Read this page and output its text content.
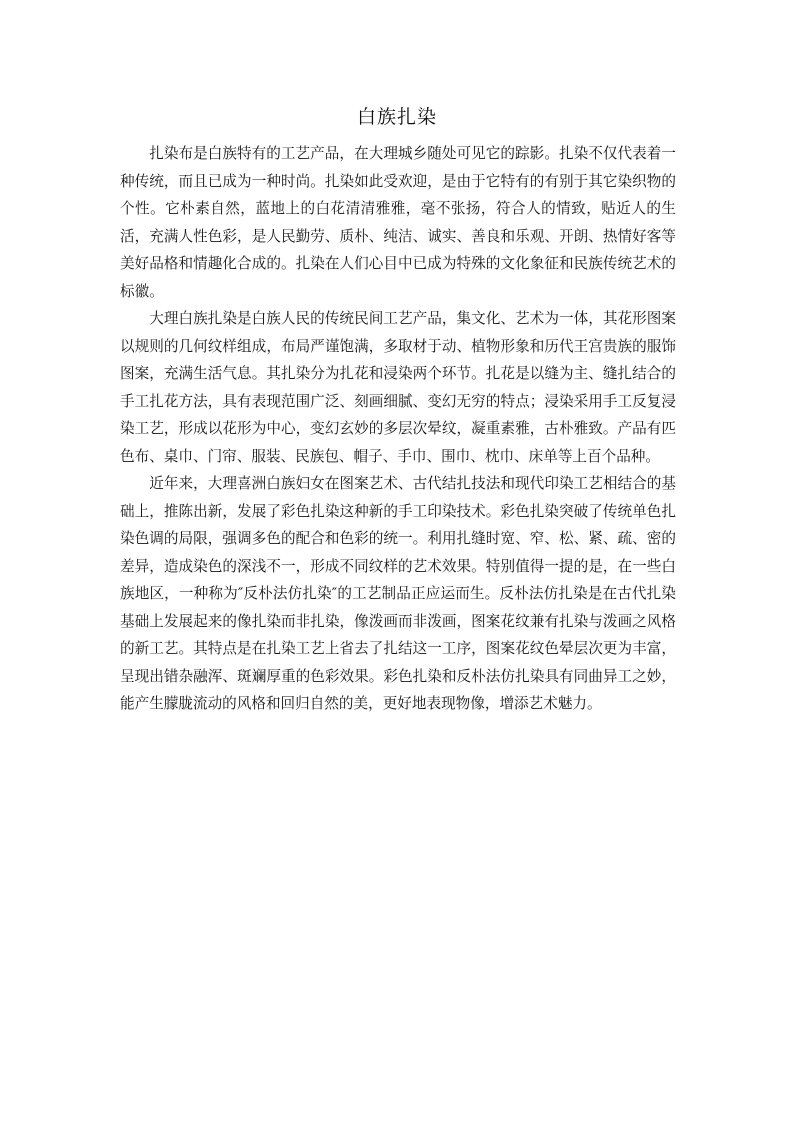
白族扎染

扎染布是白族特有的工艺产品，在大理城乡随处可见它的踪影。扎染不仅代表着一种传统，而且已成为一种时尚。扎染如此受欢迎，是由于它特有的有别于其它染织物的个性。它朴素自然，蓝地上的白花清清雅雅，毫不张扬，符合人的情致，贴近人的生活，充满人性色彩，是人民勤劳、质朴、纯洁、诚实、善良和乐观、开朗、热情好客等美好品格和情趣化合成的。扎染在人们心目中已成为特殊的文化象征和民族传统艺术的标徽。

大理白族扎染是白族人民的传统民间工艺产品，集文化、艺术为一体，其花形图案以规则的几何纹样组成，布局严谨饱满，多取材于动、植物形象和历代王宫贵族的服饰图案，充满生活气息。其扎染分为扎花和浸染两个环节。扎花是以缝为主、缝扎结合的手工扎花方法，具有表现范围广泛、刻画细腻、变幻无穷的特点；浸染采用手工反复浸染工艺，形成以花形为中心，变幻玄妙的多层次晕纹，凝重素雅，古朴雅致。产品有匹色布、桌巾、门帘、服装、民族包、帽子、手巾、围巾、枕巾、床单等上百个品种。

近年来，大理喜洲白族妇女在图案艺术、古代结扎技法和现代印染工艺相结合的基础上，推陈出新，发展了彩色扎染这种新的手工印染技术。彩色扎染突破了传统单色扎染色调的局限，强调多色的配合和色彩的统一。利用扎缝时宽、窄、松、紧、疏、密的差异，造成染色的深浅不一，形成不同纹样的艺术效果。特别值得一提的是，在一些白族地区，一种称为″反朴法仿扎染″的工艺制品正应运而生。反朴法仿扎染是在古代扎染基础上发展起来的像扎染而非扎染，像泼画而非泼画，图案花纹兼有扎染与泼画之风格的新工艺。其特点是在扎染工艺上省去了扎结这一工序，图案花纹色晕层次更为丰富，呈现出错杂融浑、斑斓厚重的色彩效果。彩色扎染和反朴法仿扎染具有同曲异工之妙，能产生朦胧流动的风格和回归自然的美，更好地表现物像，增添艺术魅力。
